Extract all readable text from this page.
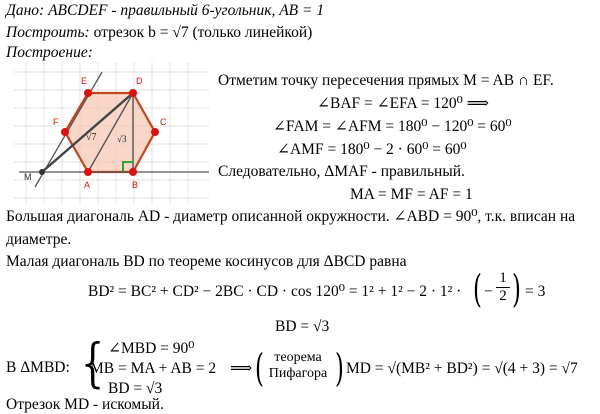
Дано: ABCDEF - правильный 6-угольник, AB = 1
Построить: отрезок b = √7 (только линейкой)
Построение:
A	B
C
D
E
F
M
√7 √3
Отметим точку пересечения прямых M = AB ∩ EF.
∠BAF = ∠EFA = 120⁰ ⟹
∠FAM = ∠AFM = 180⁰ − 120⁰ = 60⁰
∠AMF = 180⁰ − 2 · 60⁰ = 60⁰
Следовательно, ΔMAF - правильный.
MA = MF = AF = 1
Большая диагональ AD - диаметр описанной окружности. ∠ABD = 90⁰, т.к. вписан на
диаметре.
Малая диагональ BD по теореме косинусов для ΔBCD равна
BD² = BC² + CD² − 2BC · CD · cos 120⁰ = 1² + 1² − 2 · 1² · ( − $\frac{1}{2}$ ) = 3
BD = √3
В ΔMBD: { ∠MBD = 90⁰
MB = MA + AB = 2
BD = √3
⟹ ( теорема
Пифагора ) MD = √(MB² + BD²) = √(4 + 3) = √7
Отрезок MD - искомый.
